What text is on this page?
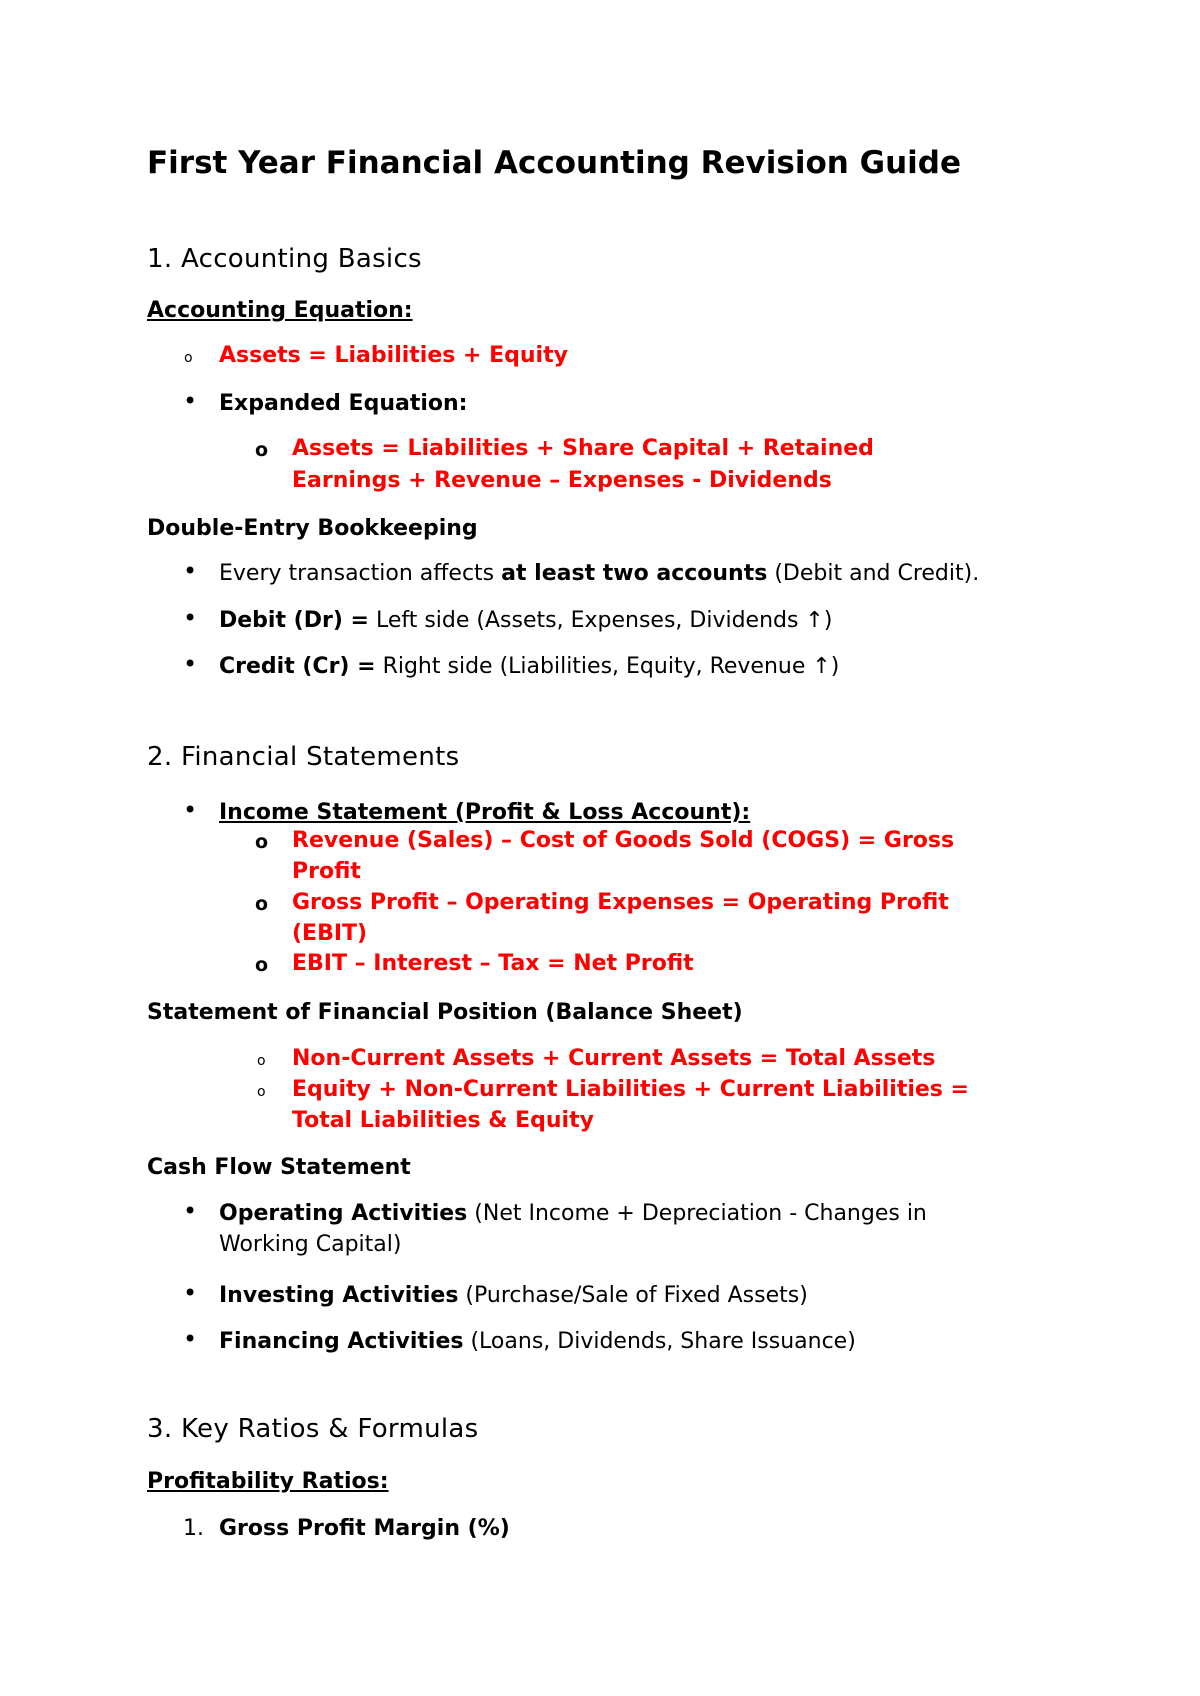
First Year Financial Accounting Revision Guide
1. Accounting Basics
Accounting Equation:
o Assets = Liabilities + Equity
• Expanded Equation:
o Assets = Liabilities + Share Capital + Retained
Earnings + Revenue – Expenses - Dividends
Double-Entry Bookkeeping
• Every transaction affects at least two accounts (Debit and Credit).
• Debit (Dr) = Left side (Assets, Expenses, Dividends ↑)
• Credit (Cr) = Right side (Liabilities, Equity, Revenue ↑)
2. Financial Statements
• Income Statement (Profit & Loss Account):
o Revenue (Sales) – Cost of Goods Sold (COGS) = Gross
Profit
o Gross Profit – Operating Expenses = Operating Profit
(EBIT)
o EBIT – Interest – Tax = Net Profit
Statement of Financial Position (Balance Sheet)
o Non-Current Assets + Current Assets = Total Assets
o Equity + Non-Current Liabilities + Current Liabilities =
Total Liabilities & Equity
Cash Flow Statement
• Operating Activities (Net Income + Depreciation - Changes in
Working Capital)
• Investing Activities (Purchase/Sale of Fixed Assets)
• Financing Activities (Loans, Dividends, Share Issuance)
3. Key Ratios & Formulas
Profitability Ratios:
1. Gross Profit Margin (%)
